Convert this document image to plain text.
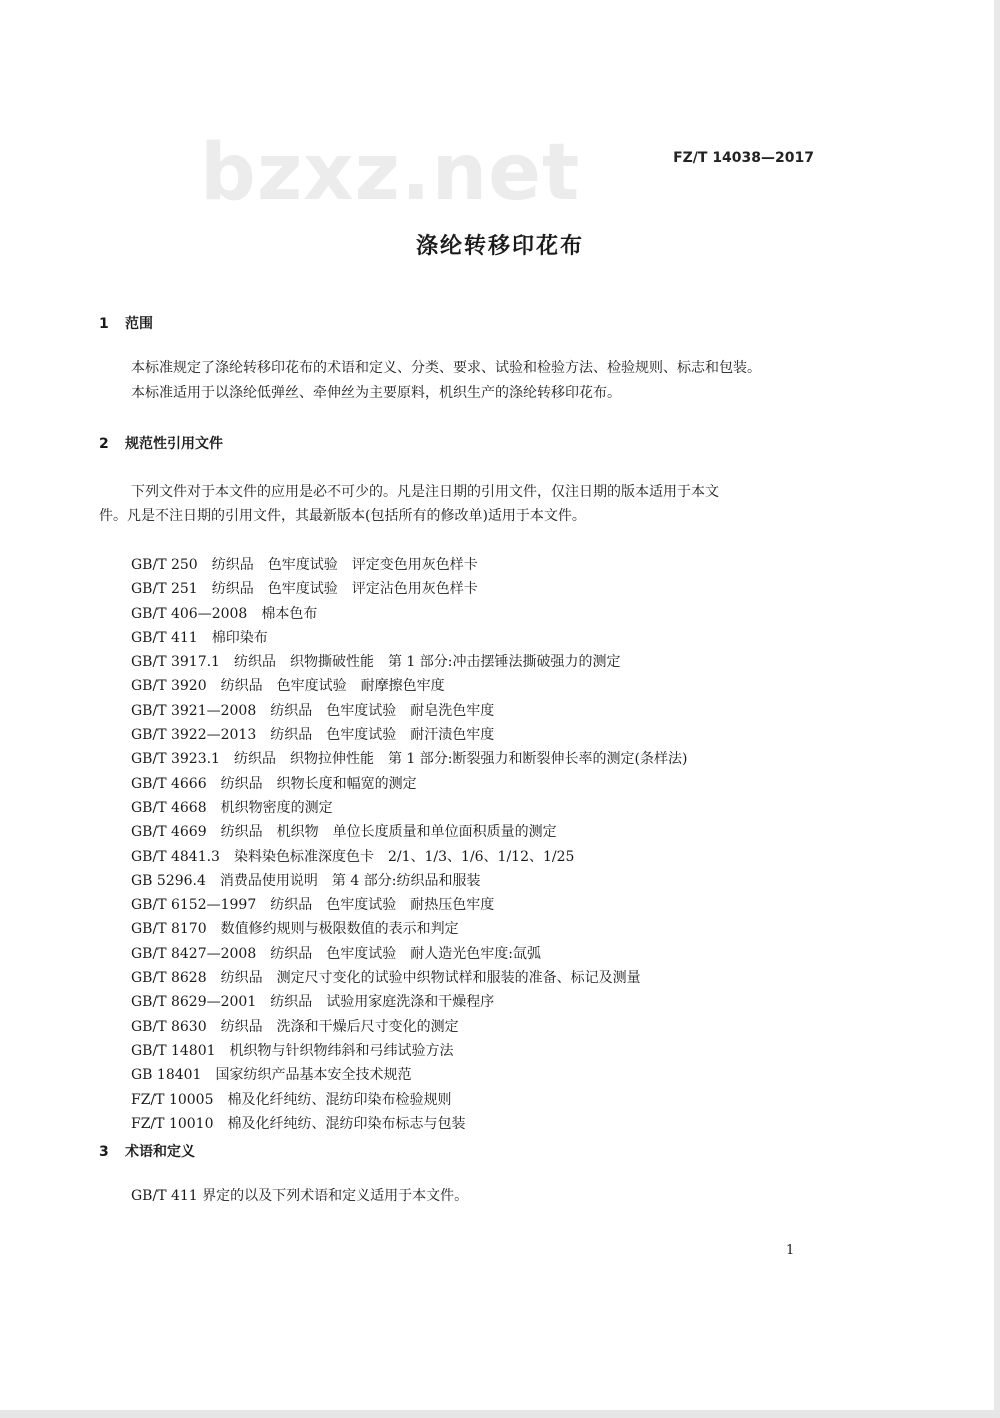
bzxz.net	FZ/T 14038—2017
涤纶转移印花布
1 范围
本标准规定了涤纶转移印花布的术语和定义、分类、要求、试验和检验方法、检验规则、标志和包装。
本标准适用于以涤纶低弹丝、牵伸丝为主要原料，机织生产的涤纶转移印花布。
2 规范性引用文件
下列文件对于本文件的应用是必不可少的。凡是注日期的引用文件，仅注日期的版本适用于本文
件。凡是不注日期的引用文件，其最新版本(包括所有的修改单)适用于本文件。
GB/T 250 纺织品　色牢度试验　评定变色用灰色样卡
GB/T 251 纺织品　色牢度试验　评定沾色用灰色样卡
GB/T 406—2008 棉本色布
GB/T 411 棉印染布
GB/T 3917.1 纺织品　织物撕破性能　第 1 部分:冲击摆锤法撕破强力的测定
GB/T 3920 纺织品　色牢度试验　耐摩擦色牢度
GB/T 3921—2008 纺织品　色牢度试验　耐皂洗色牢度
GB/T 3922—2013 纺织品　色牢度试验　耐汗渍色牢度
GB/T 3923.1 纺织品　织物拉伸性能　第 1 部分:断裂强力和断裂伸长率的测定(条样法)
GB/T 4666 纺织品　织物长度和幅宽的测定
GB/T 4668 机织物密度的测定
GB/T 4669 纺织品　机织物　单位长度质量和单位面积质量的测定
GB/T 4841.3 染料染色标准深度色卡　2/1、1/3、1/6、1/12、1/25
GB 5296.4 消费品使用说明　第 4 部分:纺织品和服装
GB/T 6152—1997 纺织品　色牢度试验　耐热压色牢度
GB/T 8170 数值修约规则与极限数值的表示和判定
GB/T 8427—2008 纺织品　色牢度试验　耐人造光色牢度:氙弧
GB/T 8628 纺织品　测定尺寸变化的试验中织物试样和服装的准备、标记及测量
GB/T 8629—2001 纺织品　试验用家庭洗涤和干燥程序
GB/T 8630 纺织品　洗涤和干燥后尺寸变化的测定
GB/T 14801 机织物与针织物纬斜和弓纬试验方法
GB 18401 国家纺织产品基本安全技术规范
FZ/T 10005 棉及化纤纯纺、混纺印染布检验规则
FZ/T 10010 棉及化纤纯纺、混纺印染布标志与包装
3 术语和定义
GB/T 411 界定的以及下列术语和定义适用于本文件。
1
